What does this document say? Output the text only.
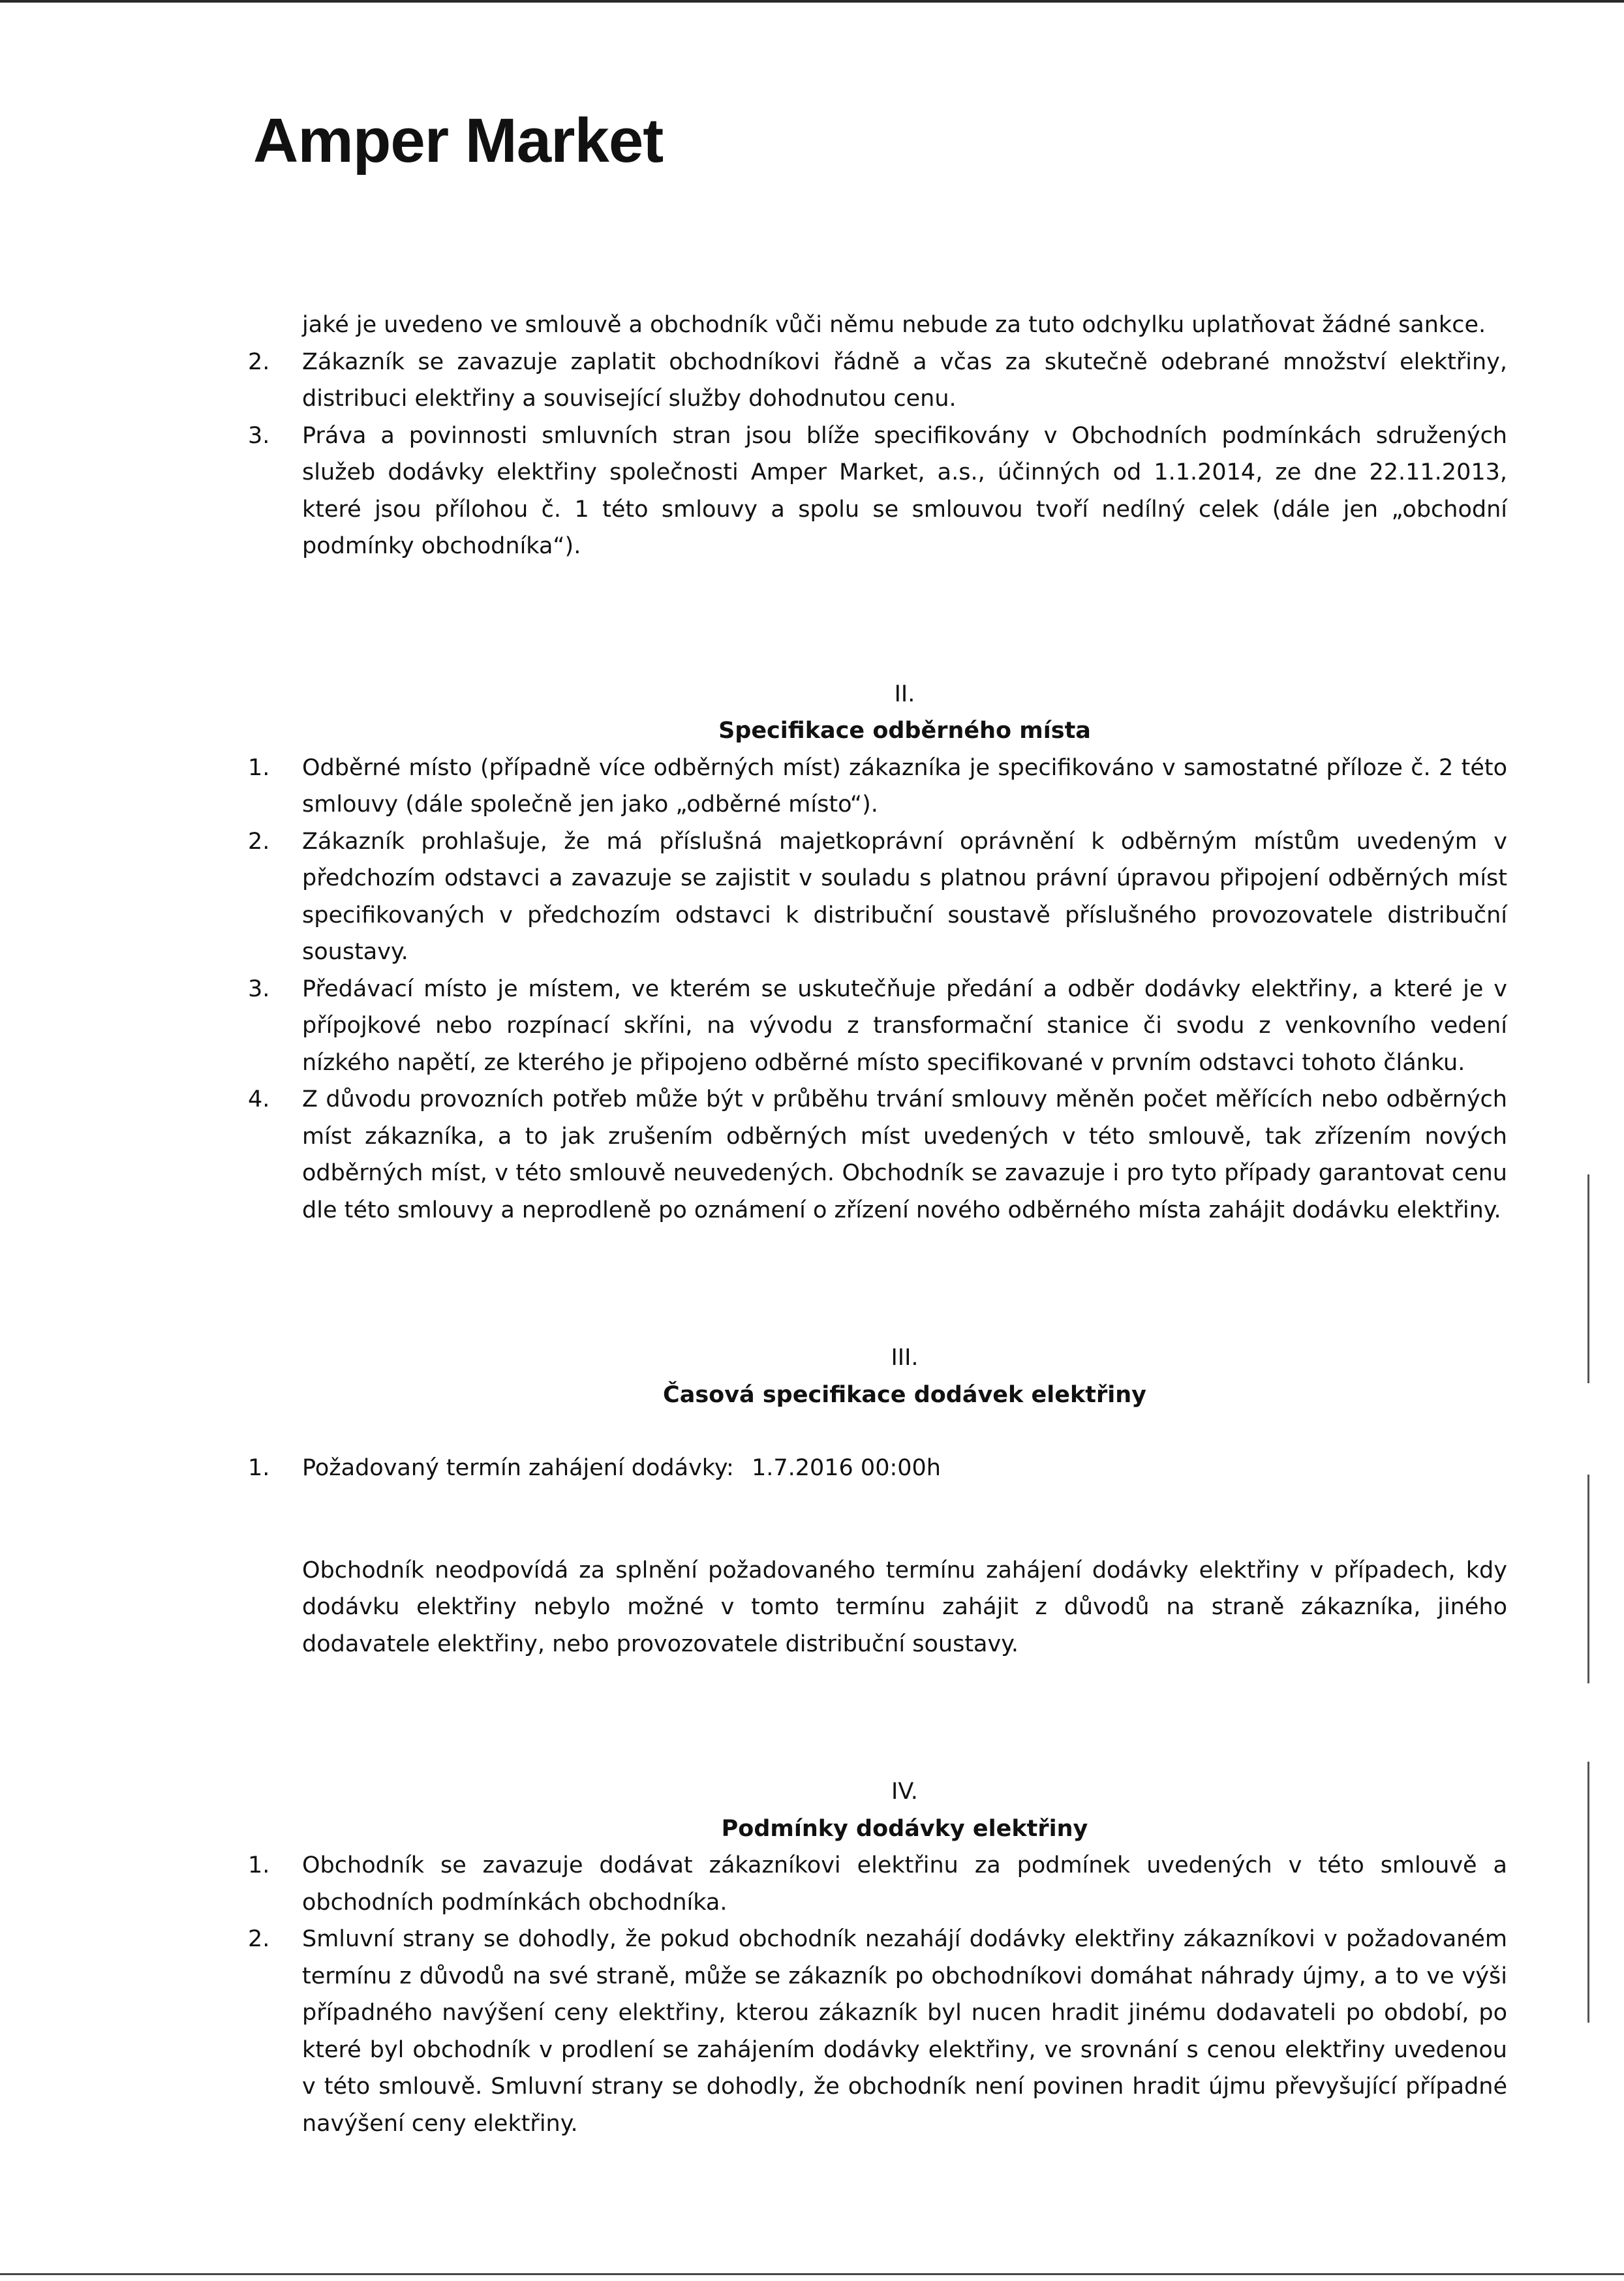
Amper Market

jaké je uvedeno ve smlouvě a obchodník vůči němu nebude za tuto odchylku uplatňovat žádné sankce.

2. Zákazník se zavazuje zaplatit obchodníkovi řádně a včas za skutečně odebrané množství elektřiny, distribuci elektřiny a související služby dohodnutou cenu.

3. Práva a povinnosti smluvních stran jsou blíže specifikovány v Obchodních podmínkách sdružených služeb dodávky elektřiny společnosti Amper Market, a.s., účinných od 1.1.2014, ze dne 22.11.2013, které jsou přílohou č. 1 této smlouvy a spolu se smlouvou tvoří nedílný celek (dále jen „obchodní podmínky obchodníka“).

II.

Specifikace odběrného místa

1. Odběrné místo (případně více odběrných míst) zákazníka je specifikováno v samostatné příloze č. 2 této smlouvy (dále společně jen jako „odběrné místo“).

2. Zákazník prohlašuje, že má příslušná majetkoprávní oprávnění k odběrným místům uvedeným v předchozím odstavci a zavazuje se zajistit v souladu s platnou právní úpravou připojení odběrných míst specifikovaných v předchozím odstavci k distribuční soustavě příslušného provozovatele distribuční soustavy.

3. Předávací místo je místem, ve kterém se uskutečňuje předání a odběr dodávky elektřiny, a které je v přípojkové nebo rozpínací skříni, na vývodu z transformační stanice či svodu z venkovního vedení nízkého napětí, ze kterého je připojeno odběrné místo specifikované v prvním odstavci tohoto článku.

4. Z důvodu provozních potřeb může být v průběhu trvání smlouvy měněn počet měřících nebo odběrných míst zákazníka, a to jak zrušením odběrných míst uvedených v této smlouvě, tak zřízením nových odběrných míst, v této smlouvě neuvedených. Obchodník se zavazuje i pro tyto případy garantovat cenu dle této smlouvy a neprodleně po oznámení o zřízení nového odběrného místa zahájit dodávku elektřiny.

III.

Časová specifikace dodávek elektřiny

1. Požadovaný termín zahájení dodávky: 1.7.2016 00:00h

Obchodník neodpovídá za splnění požadovaného termínu zahájení dodávky elektřiny v případech, kdy dodávku elektřiny nebylo možné v tomto termínu zahájit z důvodů na straně zákazníka, jiného dodavatele elektřiny, nebo provozovatele distribuční soustavy.

IV.

Podmínky dodávky elektřiny

1. Obchodník se zavazuje dodávat zákazníkovi elektřinu za podmínek uvedených v této smlouvě a obchodních podmínkách obchodníka.

2. Smluvní strany se dohodly, že pokud obchodník nezahájí dodávky elektřiny zákazníkovi v požadovaném termínu z důvodů na své straně, může se zákazník po obchodníkovi domáhat náhrady újmy, a to ve výši případného navýšení ceny elektřiny, kterou zákazník byl nucen hradit jinému dodavateli po období, po které byl obchodník v prodlení se zahájením dodávky elektřiny, ve srovnání s cenou elektřiny uvedenou v této smlouvě. Smluvní strany se dohodly, že obchodník není povinen hradit újmu převyšující případné navýšení ceny elektřiny.
